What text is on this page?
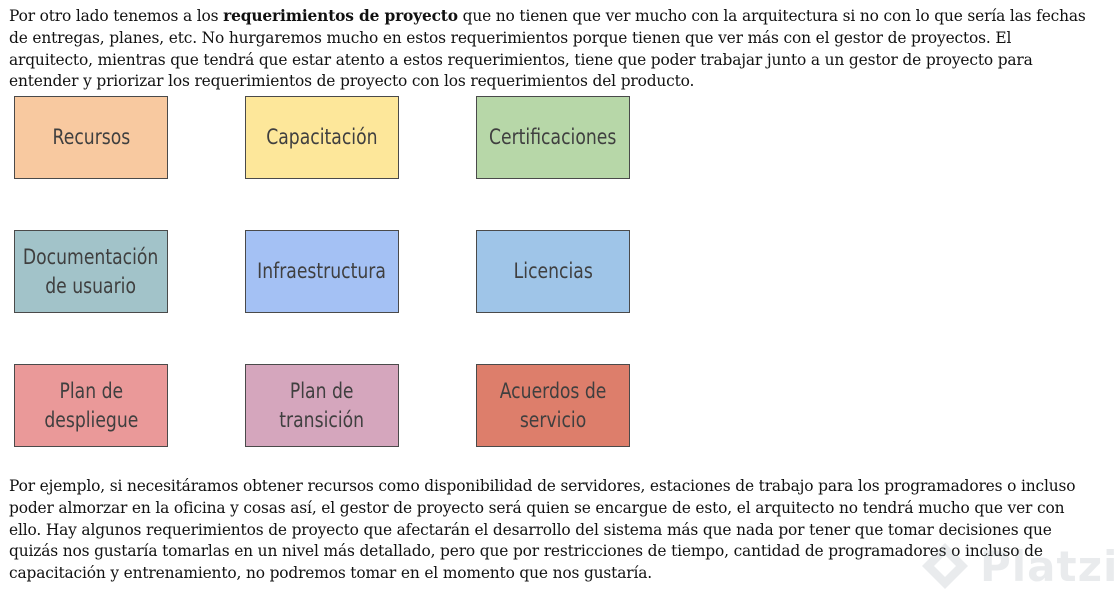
Por otro lado tenemos a los requerimientos de proyecto que no tienen que ver mucho con la arquitectura si no con lo que sería las fechas de entregas, planes, etc. No hurgaremos mucho en estos requerimientos porque tienen que ver más con el gestor de proyectos. El arquitecto, mientras que tendrá que estar atento a estos requerimientos, tiene que poder trabajar junto a un gestor de proyecto para entender y priorizar los requerimientos de proyecto con los requerimientos del producto.

Recursos	Capacitación	Certificaciones
Documentación
de usuario
Infraestructura	Licencias
Plan de
despliegue
Plan de
transición
Acuerdos de
servicio

Por ejemplo, si necesitáramos obtener recursos como disponibilidad de servidores, estaciones de trabajo para los programadores o incluso poder almorzar en la oficina y cosas así, el gestor de proyecto será quien se encargue de esto, el arquitecto no tendrá mucho que ver con ello. Hay algunos requerimientos de proyecto que afectarán el desarrollo del sistema más que nada por tener que tomar decisiones que quizás nos gustaría tomarlas en un nivel más detallado, pero que por restricciones de tiempo, cantidad de programadores o incluso de capacitación y entrenamiento, no podremos tomar en el momento que nos gustaría.	Platzi
